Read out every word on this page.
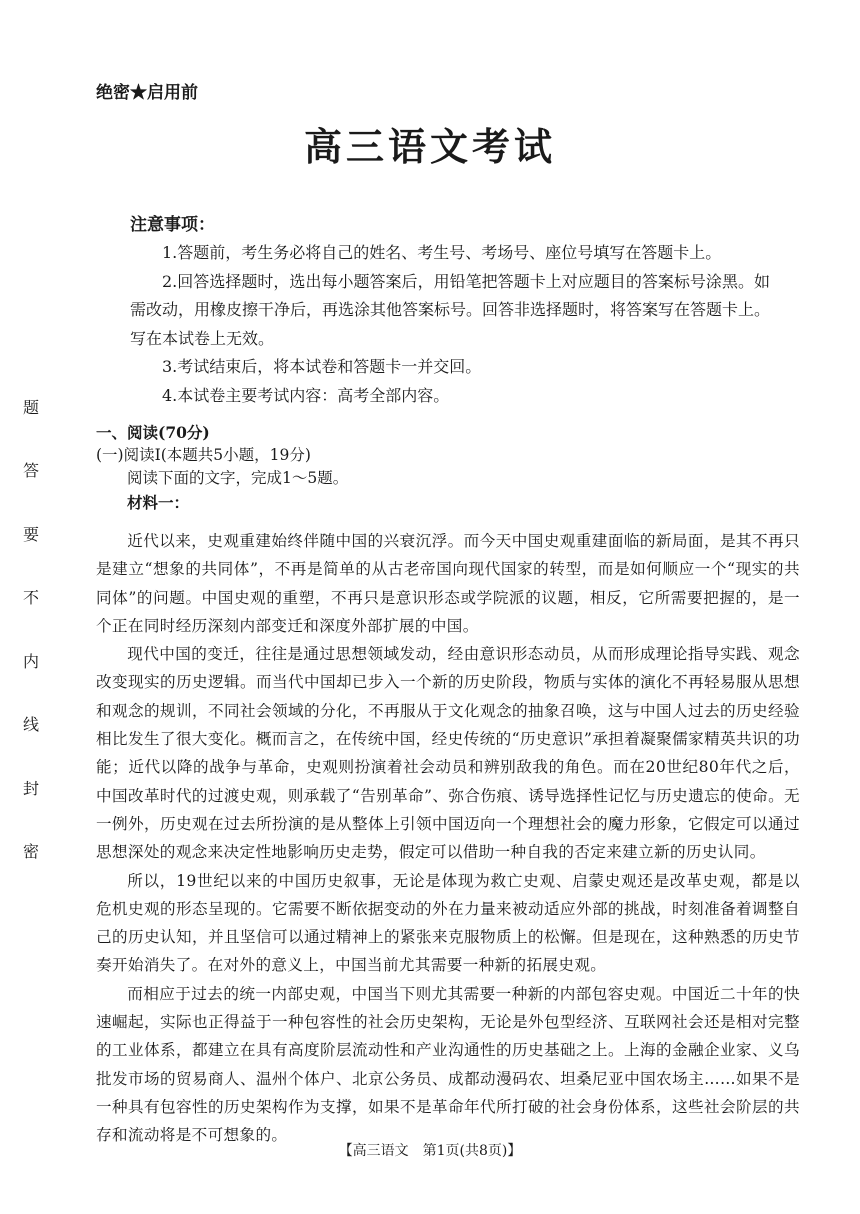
题
答
要
不
内
线
封
密
绝密★启用前
高三语文考试
注意事项：

1.答题前，考生务必将自己的姓名、考生号、考场号、座位号填写在答题卡上。

2.回答选择题时，选出每小题答案后，用铅笔把答题卡上对应题目的答案标号涂黑。如需改动，用橡皮擦干净后，再选涂其他答案标号。回答非选择题时，将答案写在答题卡上。写在本试卷上无效。

3.考试结束后，将本试卷和答题卡一并交回。

4.本试卷主要考试内容：高考全部内容。

一、阅读(70分)

(一)阅读Ⅰ(本题共5小题，19分)

阅读下面的文字，完成1～5题。

材料一：

近代以来，史观重建始终伴随中国的兴衰沉浮。而今天中国史观重建面临的新局面，是其不再只是建立“想象的共同体”，不再是简单的从古老帝国向现代国家的转型，而是如何顺应一个“现实的共同体”的问题。中国史观的重塑，不再只是意识形态或学院派的议题，相反，它所需要把握的，是一个正在同时经历深刻内部变迁和深度外部扩展的中国。

现代中国的变迁，往往是通过思想领域发动，经由意识形态动员，从而形成理论指导实践、观念改变现实的历史逻辑。而当代中国却已步入一个新的历史阶段，物质与实体的演化不再轻易服从思想和观念的规训，不同社会领域的分化，不再服从于文化观念的抽象召唤，这与中国人过去的历史经验相比发生了很大变化。概而言之，在传统中国，经史传统的“历史意识”承担着凝聚儒家精英共识的功能；近代以降的战争与革命，史观则扮演着社会动员和辨别敌我的角色。而在20世纪80年代之后，中国改革时代的过渡史观，则承载了“告别革命”、弥合伤痕、诱导选择性记忆与历史遗忘的使命。无一例外，历史观在过去所扮演的是从整体上引领中国迈向一个理想社会的魔力形象，它假定可以通过思想深处的观念来决定性地影响历史走势，假定可以借助一种自我的否定来建立新的历史认同。

所以，19世纪以来的中国历史叙事，无论是体现为救亡史观、启蒙史观还是改革史观，都是以危机史观的形态呈现的。它需要不断依据变动的外在力量来被动适应外部的挑战，时刻准备着调整自己的历史认知，并且坚信可以通过精神上的紧张来克服物质上的松懈。但是现在，这种熟悉的历史节奏开始消失了。在对外的意义上，中国当前尤其需要一种新的拓展史观。

而相应于过去的统一内部史观，中国当下则尤其需要一种新的内部包容史观。中国近二十年的快速崛起，实际也正得益于一种包容性的社会历史架构，无论是外包型经济、互联网社会还是相对完整的工业体系，都建立在具有高度阶层流动性和产业沟通性的历史基础之上。上海的金融企业家、义乌批发市场的贸易商人、温州个体户、北京公务员、成都动漫码农、坦桑尼亚中国农场主……如果不是一种具有包容性的历史架构作为支撑，如果不是革命年代所打破的社会身份体系，这些社会阶层的共存和流动将是不可想象的。

【高三语文　第1页(共8页)】
